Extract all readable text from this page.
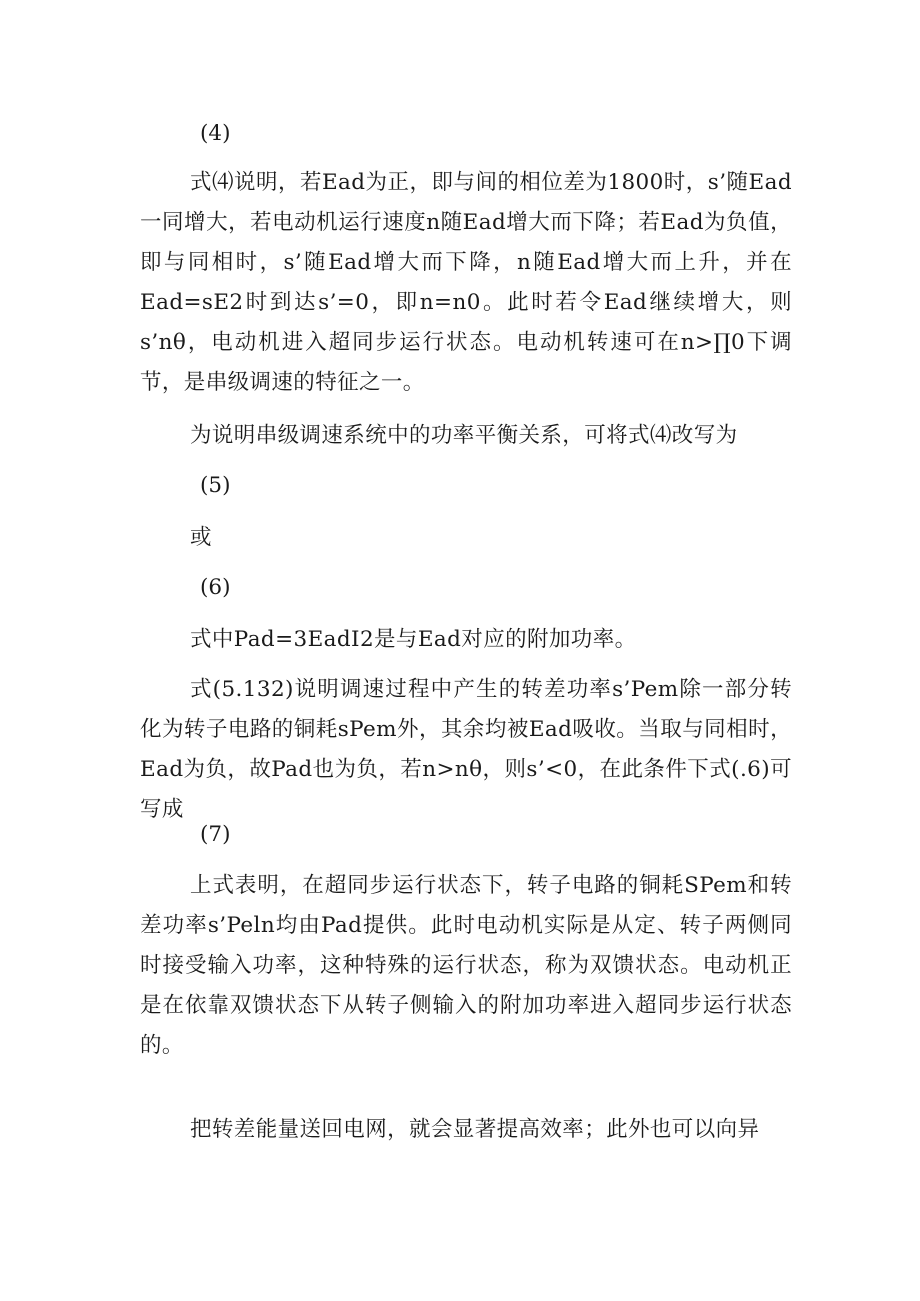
(4)

式⑷说明，若Ead为正，即与间的相位差为1800时，s’随Ead一同增大，若电动机运行速度n随Ead增大而下降；若Ead为负值，即与同相时，s’随Ead增大而下降，n随Ead增大而上升，并在Ead=sE2时到达s’=0，即n=n0。此时若令Ead继续增大，则s’nθ，电动机进入超同步运行状态。电动机转速可在n>∏0下调节，是串级调速的特征之一。

为说明串级调速系统中的功率平衡关系，可将式⑷改写为
(5)
或
(6)
式中Pad=3EadI2是与Ead对应的附加功率。

式(5.132)说明调速过程中产生的转差功率s’Pem除一部分转化为转子电路的铜耗sPem外，其余均被Ead吸收。当取与同相时，Ead为负，故Pad也为负，若n>nθ，则s’<0，在此条件下式(.6)可写成

(7)

上式表明，在超同步运行状态下，转子电路的铜耗SPem和转差功率s’Peln均由Pad提供。此时电动机实际是从定、转子两侧同时接受输入功率，这种特殊的运行状态，称为双馈状态。电动机正是在依靠双馈状态下从转子侧输入的附加功率进入超同步运行状态的。

把转差能量送回电网，就会显著提高效率；此外也可以向异
